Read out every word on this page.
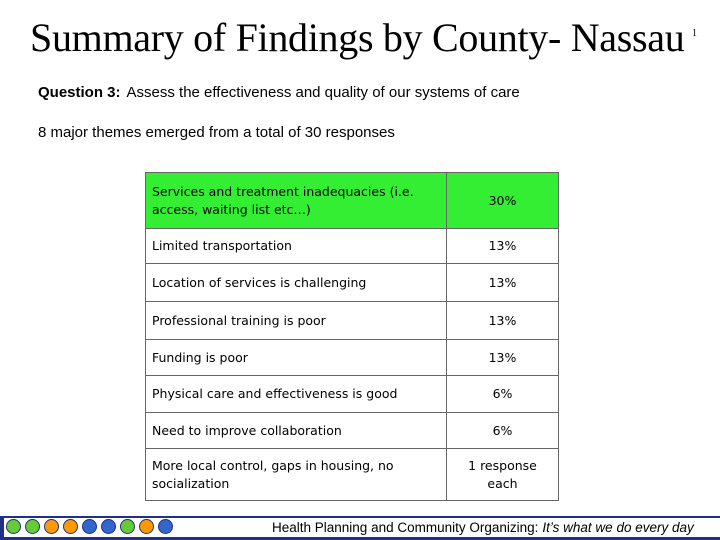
Summary of Findings by County- Nassau 1
Question 3: Assess the effectiveness and quality of our systems of care
8 major themes emerged from a total of 30 responses
Services and treatment inadequacies (i.e. access, waiting list etc…)	30%
Limited transportation	13%
Location of services is challenging	13%
Professional training is poor	13%
Funding is poor	13%
Physical care and effectiveness is good	6%
Need to improve collaboration	6%
More local control, gaps in housing, no socialization	1 response each
Health Planning and Community Organizing: It’s what we do every day
